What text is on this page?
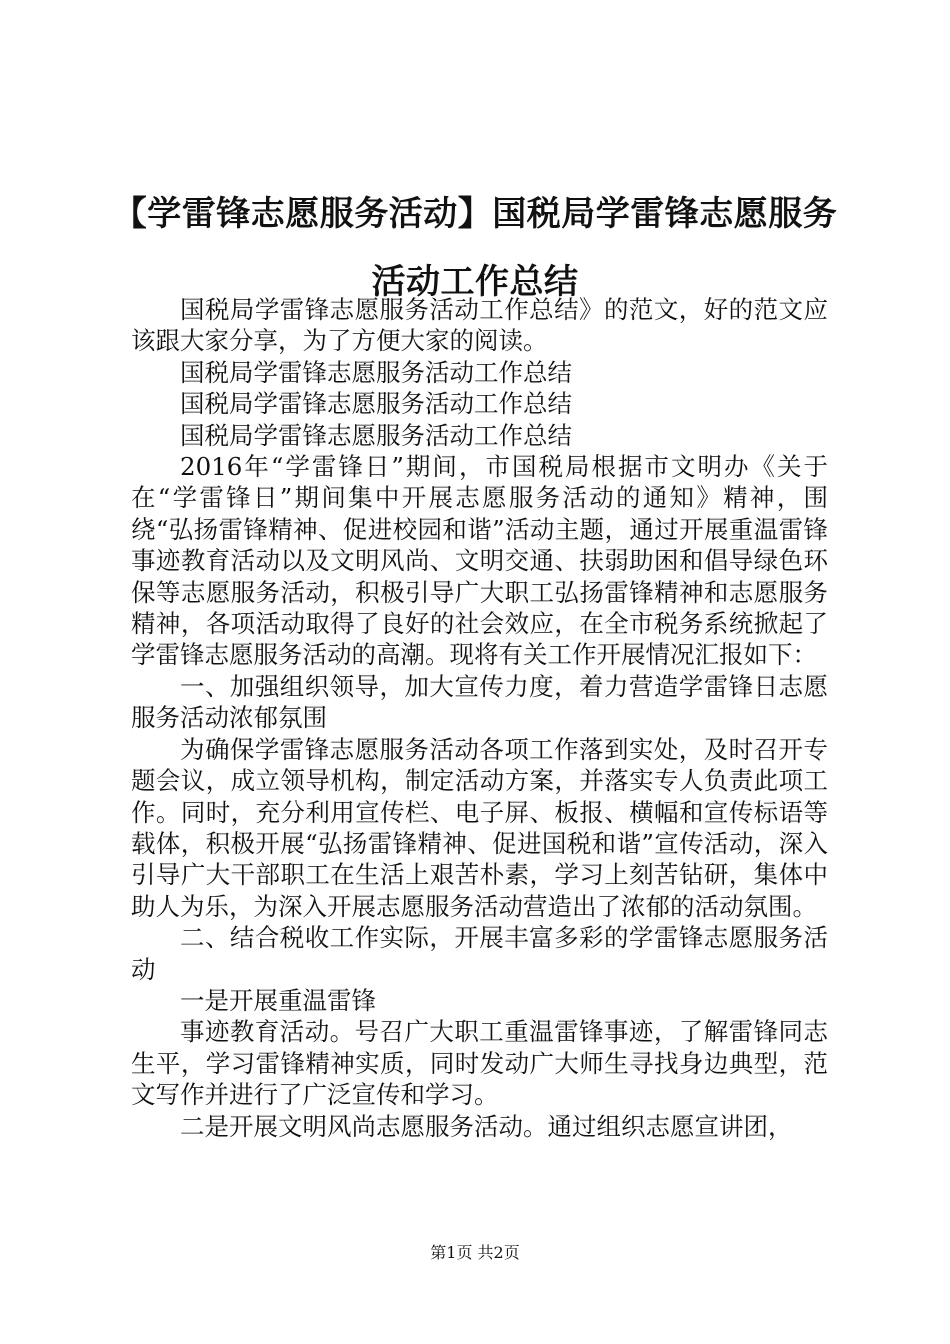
【学雷锋志愿服务活动】国税局学雷锋志愿服务活动工作总结

国税局学雷锋志愿服务活动工作总结》的范文，好的范文应该跟大家分享，为了方便大家的阅读。

国税局学雷锋志愿服务活动工作总结

国税局学雷锋志愿服务活动工作总结

国税局学雷锋志愿服务活动工作总结

2016年“学雷锋日”期间，市国税局根据市文明办《关于在“学雷锋日”期间集中开展志愿服务活动的通知》精神，围绕“弘扬雷锋精神、促进校园和谐”活动主题，通过开展重温雷锋事迹教育活动以及文明风尚、文明交通、扶弱助困和倡导绿色环保等志愿服务活动，积极引导广大职工弘扬雷锋精神和志愿服务精神，各项活动取得了良好的社会效应，在全市税务系统掀起了学雷锋志愿服务活动的高潮。现将有关工作开展情况汇报如下：

一、加强组织领导，加大宣传力度，着力营造学雷锋日志愿服务活动浓郁氛围

为确保学雷锋志愿服务活动各项工作落到实处，及时召开专题会议，成立领导机构，制定活动方案，并落实专人负责此项工作。同时，充分利用宣传栏、电子屏、板报、横幅和宣传标语等载体，积极开展“弘扬雷锋精神、促进国税和谐”宣传活动，深入引导广大干部职工在生活上艰苦朴素，学习上刻苦钻研，集体中助人为乐，为深入开展志愿服务活动营造出了浓郁的活动氛围。

二、结合税收工作实际，开展丰富多彩的学雷锋志愿服务活动

一是开展重温雷锋

事迹教育活动。号召广大职工重温雷锋事迹，了解雷锋同志生平，学习雷锋精神实质，同时发动广大师生寻找身边典型，范文写作并进行了广泛宣传和学习。

二是开展文明风尚志愿服务活动。通过组织志愿宣讲团，

第1页 共2页
